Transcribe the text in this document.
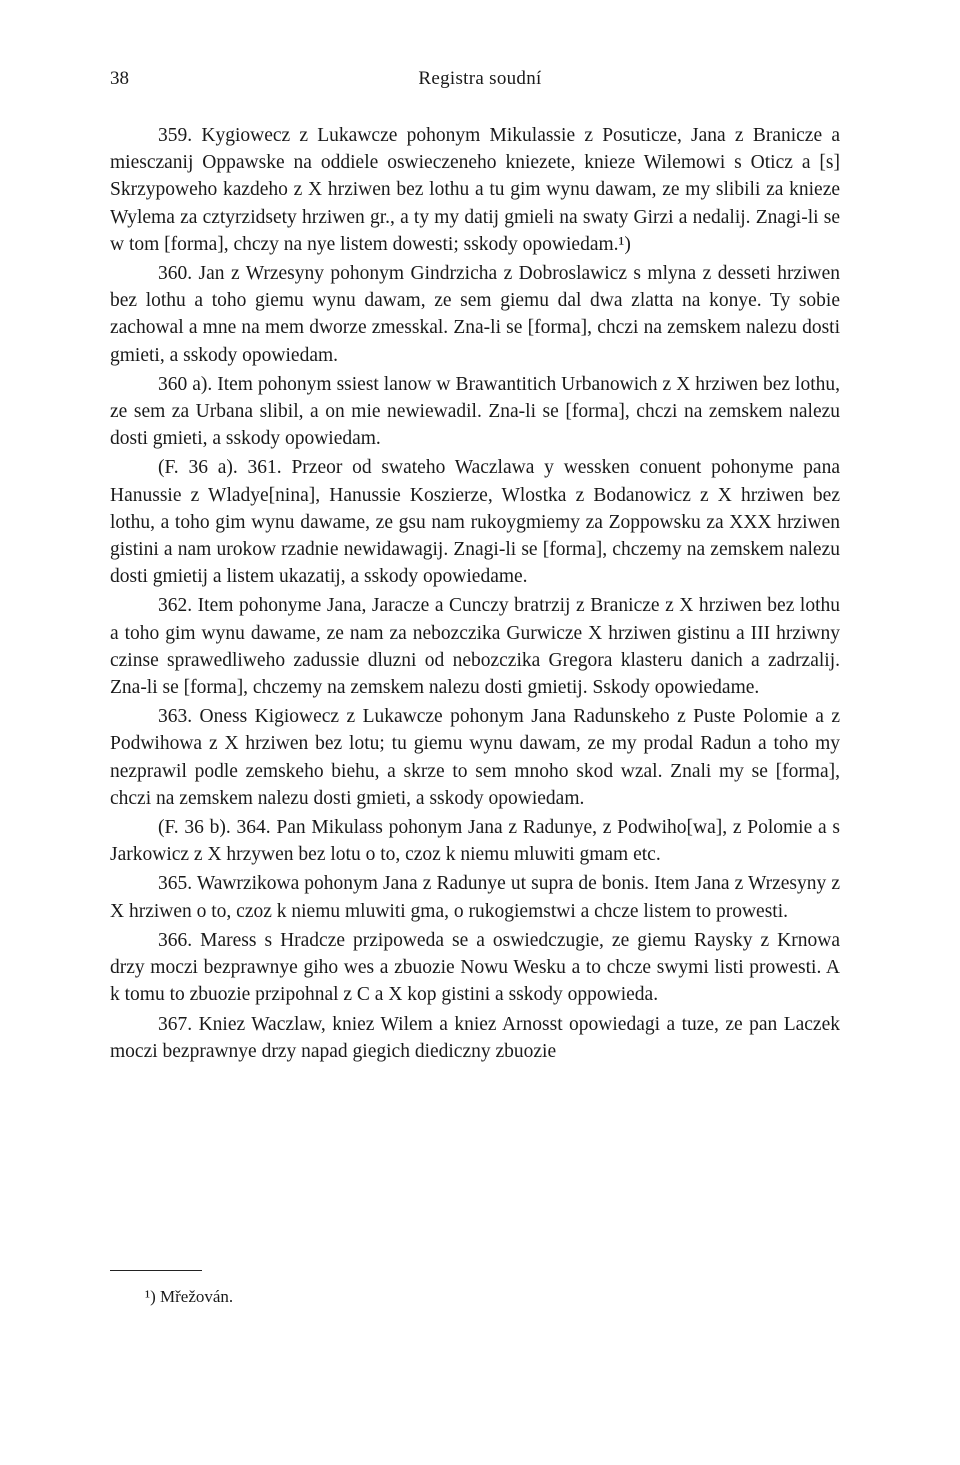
38	Registra soudní

359. Kygiowecz z Lukawcze pohonym Mikulassie z Posuticze, Jana z Branicze a miesczanij Oppawske na oddiele oswieczeneho kniezete, knieze Wilemowi s Oticz a [s] Skrzypoweho kazdeho z X hrziwen bez lothu a tu gim wynu dawam, ze my slibili za knieze Wylema za cztyrzidsety hrziwen gr., a ty my datij gmieli na swaty Girzi a nedalij. Znagi-li se w tom [forma], chczy na nye listem dowesti; sskody opowiedam.¹)

360. Jan z Wrzesyny pohonym Gindrzicha z Dobroslawicz s mlyna z desseti hrziwen bez lothu a toho giemu wynu dawam, ze sem giemu dal dwa zlatta na konye. Ty sobie zachowal a mne na mem dworze zmesskal. Zna-li se [forma], chczi na zemskem nalezu dosti gmieti, a sskody opowiedam.

360 a). Item pohonym ssiest lanow w Brawantitich Urbanowich z X hrziwen bez lothu, ze sem za Urbana slibil, a on mie newiewadil. Zna-li se [forma], chczi na zemskem nalezu dosti gmieti, a sskody opowiedam.

(F. 36 a). 361. Przeor od swateho Waczlawa y wessken conuent pohonyme pana Hanussie z Wladye[nina], Hanussie Koszierze, Wlostka z Bodanowicz z X hrziwen bez lothu, a toho gim wynu dawame, ze gsu nam rukoygmiemy za Zoppowsku za XXX hrziwen gistini a nam urokow rzadnie newidawagij. Znagi-li se [forma], chczemy na zemskem nalezu dosti gmietij a listem ukazatij, a sskody opowiedame.

362. Item pohonyme Jana, Jaracze a Cunczy bratrzij z Branicze z X hrziwen bez lothu a toho gim wynu dawame, ze nam za nebozczika Gurwicze X hrziwen gistinu a III hrziwny czinse sprawedliweho zadussie dluzni od nebozczika Gregora klasteru danich a zadrzalij. Zna-li se [forma], chczemy na zemskem nalezu dosti gmietij. Sskody opowiedame.

363. Oness Kigiowecz z Lukawcze pohonym Jana Radunskeho z Puste Polomie a z Podwihowa z X hrziwen bez lotu; tu giemu wynu dawam, ze my prodal Radun a toho my nezprawil podle zemskeho biehu, a skrze to sem mnoho skod wzal. Znali my se [forma], chczi na zemskem nalezu dosti gmieti, a sskody opowiedam.

(F. 36 b). 364. Pan Mikulass pohonym Jana z Radunye, z Podwiho[wa], z Polomie a s Jarkowicz z X hrzywen bez lotu o to, czoz k niemu mluwiti gmam etc.

365. Wawrzikowa pohonym Jana z Radunye ut supra de bonis. Item Jana z Wrzesyny z X hrziwen o to, czoz k niemu mluwiti gma, o rukogiemstwi a chcze listem to prowesti.

366. Maress s Hradcze przipoweda se a oswiedczugie, ze giemu Raysky z Krnowa drzy moczi bezprawnye giho wes a zbuozie Nowu Wesku a to chcze swymi listi prowesti. A k tomu to zbuozie przipohnal z C a X kop gistini a sskody oppowieda.

367. Kniez Waczlaw, kniez Wilem a kniez Arnosst opowiedagi a tuze, ze pan Laczek moczi bezprawnye drzy napad giegich diediczny zbuozie

¹) Mřežován.
